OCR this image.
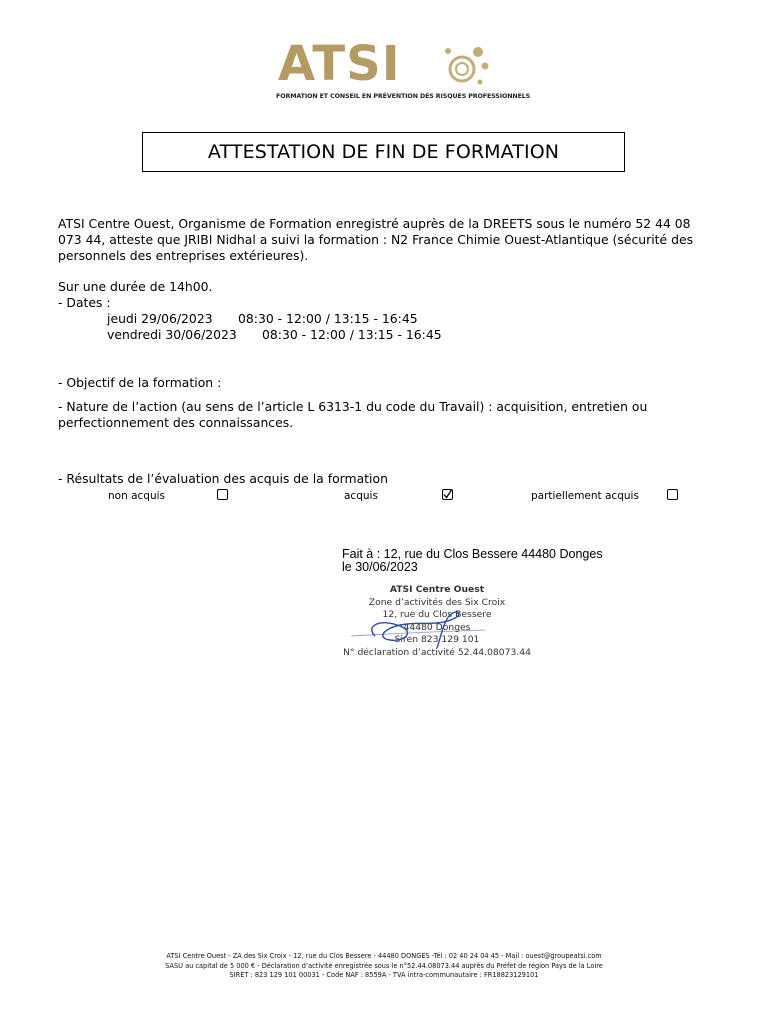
ATSI
FORMATION ET CONSEIL EN PRÉVENTION DES RISQUES PROFESSIONNELS
ATTESTATION DE FIN DE FORMATION
ATSI Centre Ouest, Organisme de Formation enregistré auprès de la DREETS sous le numéro 52 44 08
073 44, atteste que JRIBI Nidhal a suivi la formation : N2 France Chimie Ouest-Atlantique (sécurité des
personnels des entreprises extérieures).
Sur une durée de 14h00.
- Dates :
jeudi 29/06/2023 08:30 - 12:00 / 13:15 - 16:45
vendredi 30/06/2023 08:30 - 12:00 / 13:15 - 16:45
- Objectif de la formation :
- Nature de l’action (au sens de l’article L 6313-1 du code du Travail) : acquisition, entretien ou
perfectionnement des connaissances.
- Résultats de l’évaluation des acquis de la formation
non acquis	acquis	partiellement acquis
Fait à : 12, rue du Clos Bessere 44480 Donges
le 30/06/2023
ATSI Centre Ouest
Zone d’activités des Six Croix
12, rue du Clos Bessere
44480 Donges
Siren 823 129 101
N° déclaration d’activité 52.44.08073.44
ATSI Centre Ouest - ZA des Six Croix - 12, rue du Clos Bessere - 44480 DONGES -Tél : 02 40 24 04 45 - Mail : ouest@groupeatsi.com
SASU au capital de 5 000 € - Déclaration d’activité enregistrée sous le n°52.44.08073.44 auprès du Préfet de région Pays de la Loire
SIRET : 823 129 101 00031 - Code NAF : 8559A - TVA intra-communautaire : FR18823129101
